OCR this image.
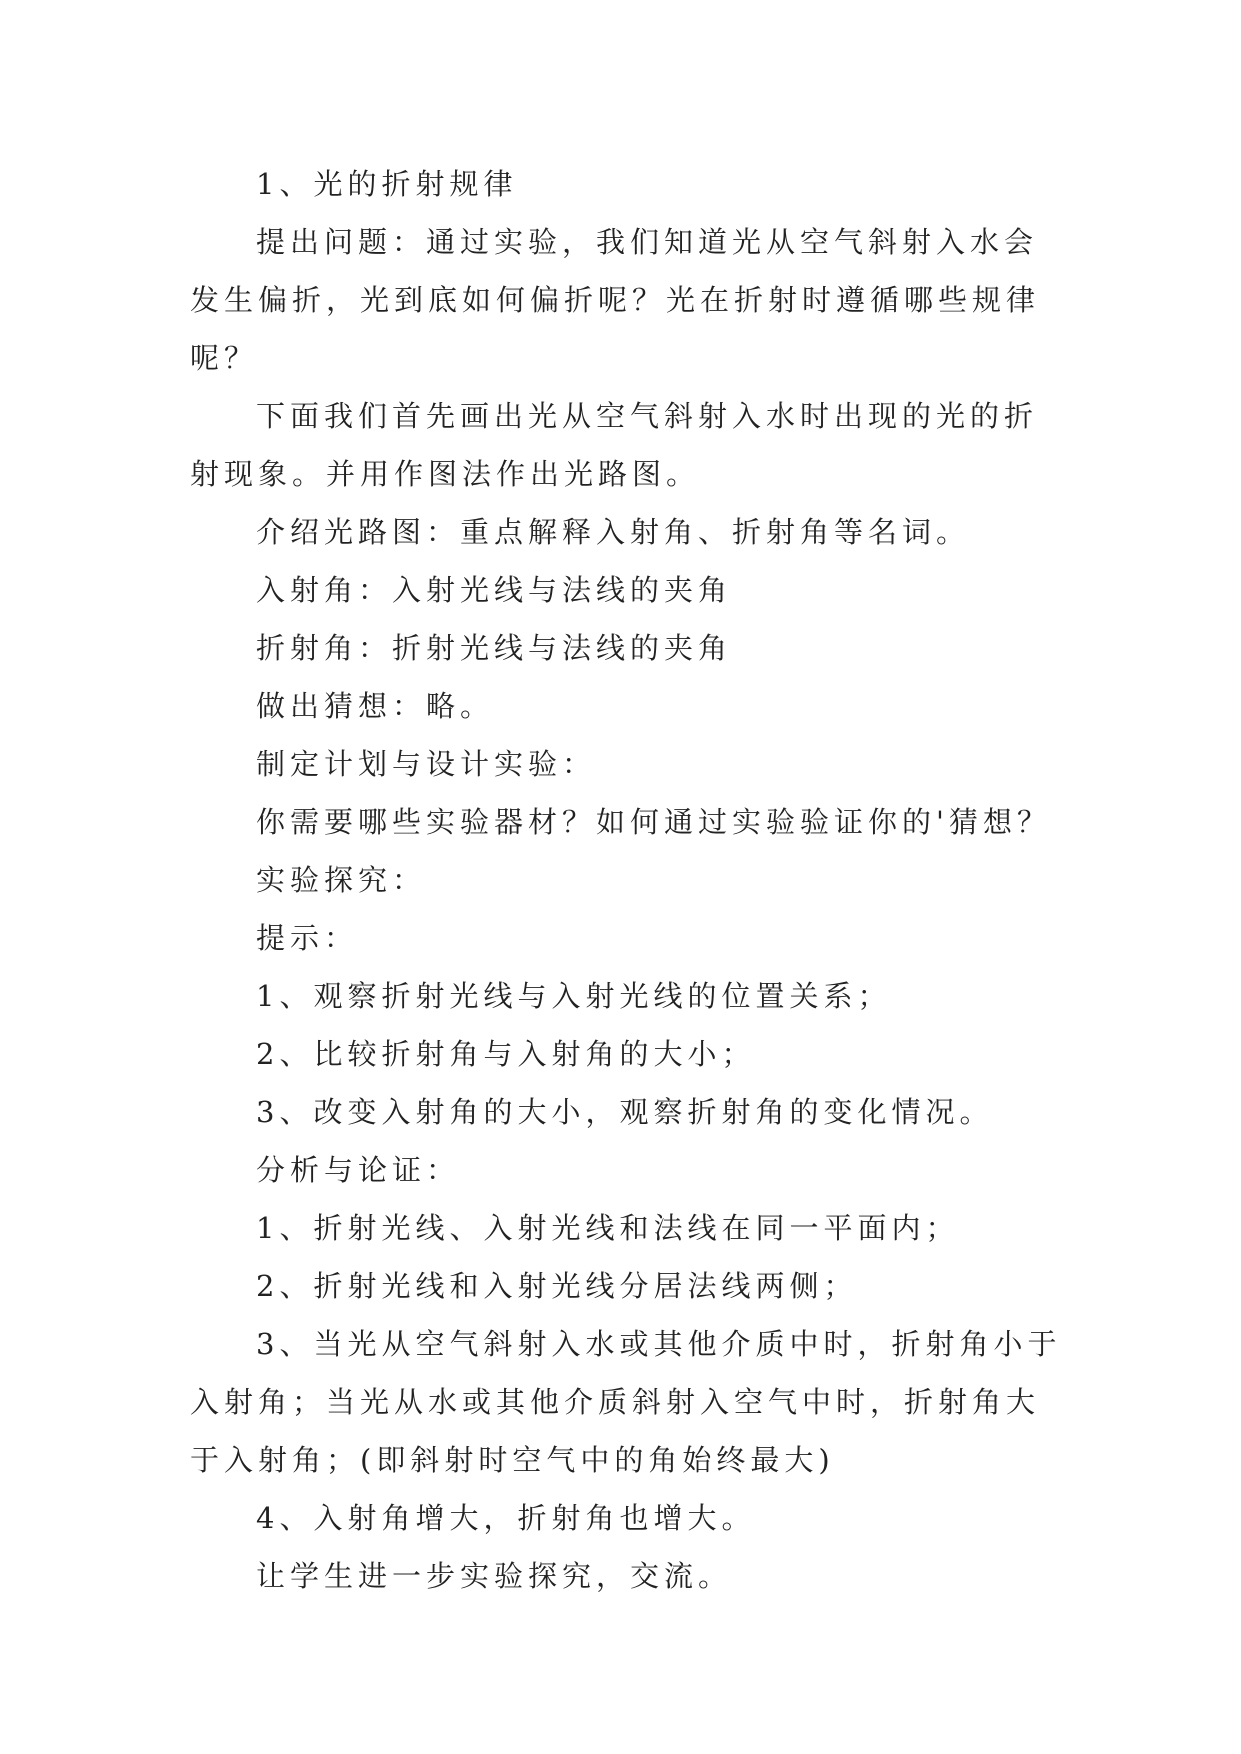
1、光的折射规律

提出问题：通过实验，我们知道光从空气斜射入水会发生偏折，光到底如何偏折呢？光在折射时遵循哪些规律呢？

下面我们首先画出光从空气斜射入水时出现的光的折射现象。并用作图法作出光路图。

介绍光路图：重点解释入射角、折射角等名词。

入射角：入射光线与法线的夹角

折射角：折射光线与法线的夹角

做出猜想：略。

制定计划与设计实验：

你需要哪些实验器材？如何通过实验验证你的'猜想？

实验探究：

提示：

1、观察折射光线与入射光线的位置关系；

2、比较折射角与入射角的大小；

3、改变入射角的大小，观察折射角的变化情况。

分析与论证：

1、折射光线、入射光线和法线在同一平面内；

2、折射光线和入射光线分居法线两侧；

3、当光从空气斜射入水或其他介质中时，折射角小于入射角；当光从水或其他介质斜射入空气中时，折射角大于入射角；(即斜射时空气中的角始终最大)

4、入射角增大，折射角也增大。

让学生进一步实验探究，交流。
